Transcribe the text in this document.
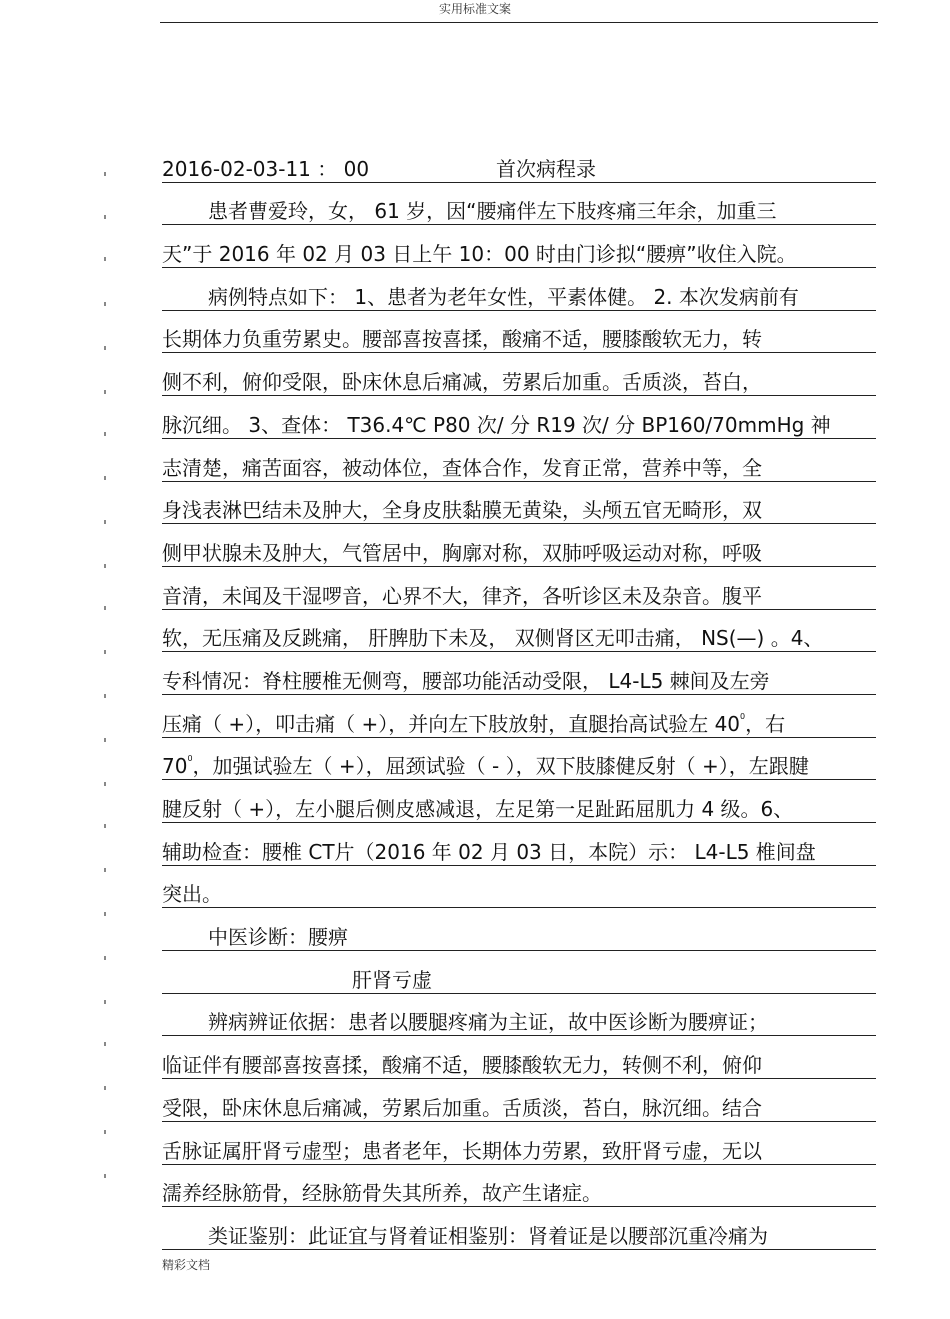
实用标准文案
2016-02-03-11 ： 00	首次病程录
患者曹爱玲，女， 61 岁，因“腰痛伴左下肢疼痛三年余，加重三
天”于 2016 年 02 月 03 日上午 10：00 时由门诊拟“腰痹”收住入院。
病例特点如下： 1、患者为老年女性，平素体健。 2. 本次发病前有
长期体力负重劳累史。腰部喜按喜揉，酸痛不适，腰膝酸软无力，转
侧不利，俯仰受限，卧床休息后痛减，劳累后加重。舌质淡，苔白，
脉沉细。 3、查体： T36.4℃ P80 次/ 分 R19 次/ 分 BP160/70mmHg 神
志清楚，痛苦面容，被动体位，查体合作，发育正常，营养中等，全
身浅表淋巴结未及肿大，全身皮肤黏膜无黄染，头颅五官无畸形，双
侧甲状腺未及肿大，气管居中，胸廓对称，双肺呼吸运动对称，呼吸
音清，未闻及干湿啰音，心界不大，律齐，各听诊区未及杂音。腹平
软，无压痛及反跳痛， 肝脾肋下未及， 双侧肾区无叩击痛， NS(—) 。4、
专科情况：脊柱腰椎无侧弯，腰部功能活动受限， L4-L5 棘间及左旁
压痛（ +），叩击痛（ +），并向左下肢放射，直腿抬高试验左 $40^0$，右
$70^0$，加强试验左（ +），屈颈试验（ - ），双下肢膝健反射（ +），左跟腱
腱反射（ +），左小腿后侧皮感减退，左足第一足趾跖屈肌力 4 级。6、
辅助检查：腰椎 CT片（2016 年 02 月 03 日，本院）示： L4-L5 椎间盘
突出。
中医诊断：腰痹
肝肾亏虚
辨病辨证依据：患者以腰腿疼痛为主证，故中医诊断为腰痹证；
临证伴有腰部喜按喜揉，酸痛不适，腰膝酸软无力，转侧不利，俯仰
受限，卧床休息后痛减，劳累后加重。舌质淡，苔白，脉沉细。结合
舌脉证属肝肾亏虚型；患者老年，长期体力劳累，致肝肾亏虚，无以
濡养经脉筋骨，经脉筋骨失其所养，故产生诸症。
类证鉴别：此证宜与肾着证相鉴别：肾着证是以腰部沉重冷痛为
精彩文档
